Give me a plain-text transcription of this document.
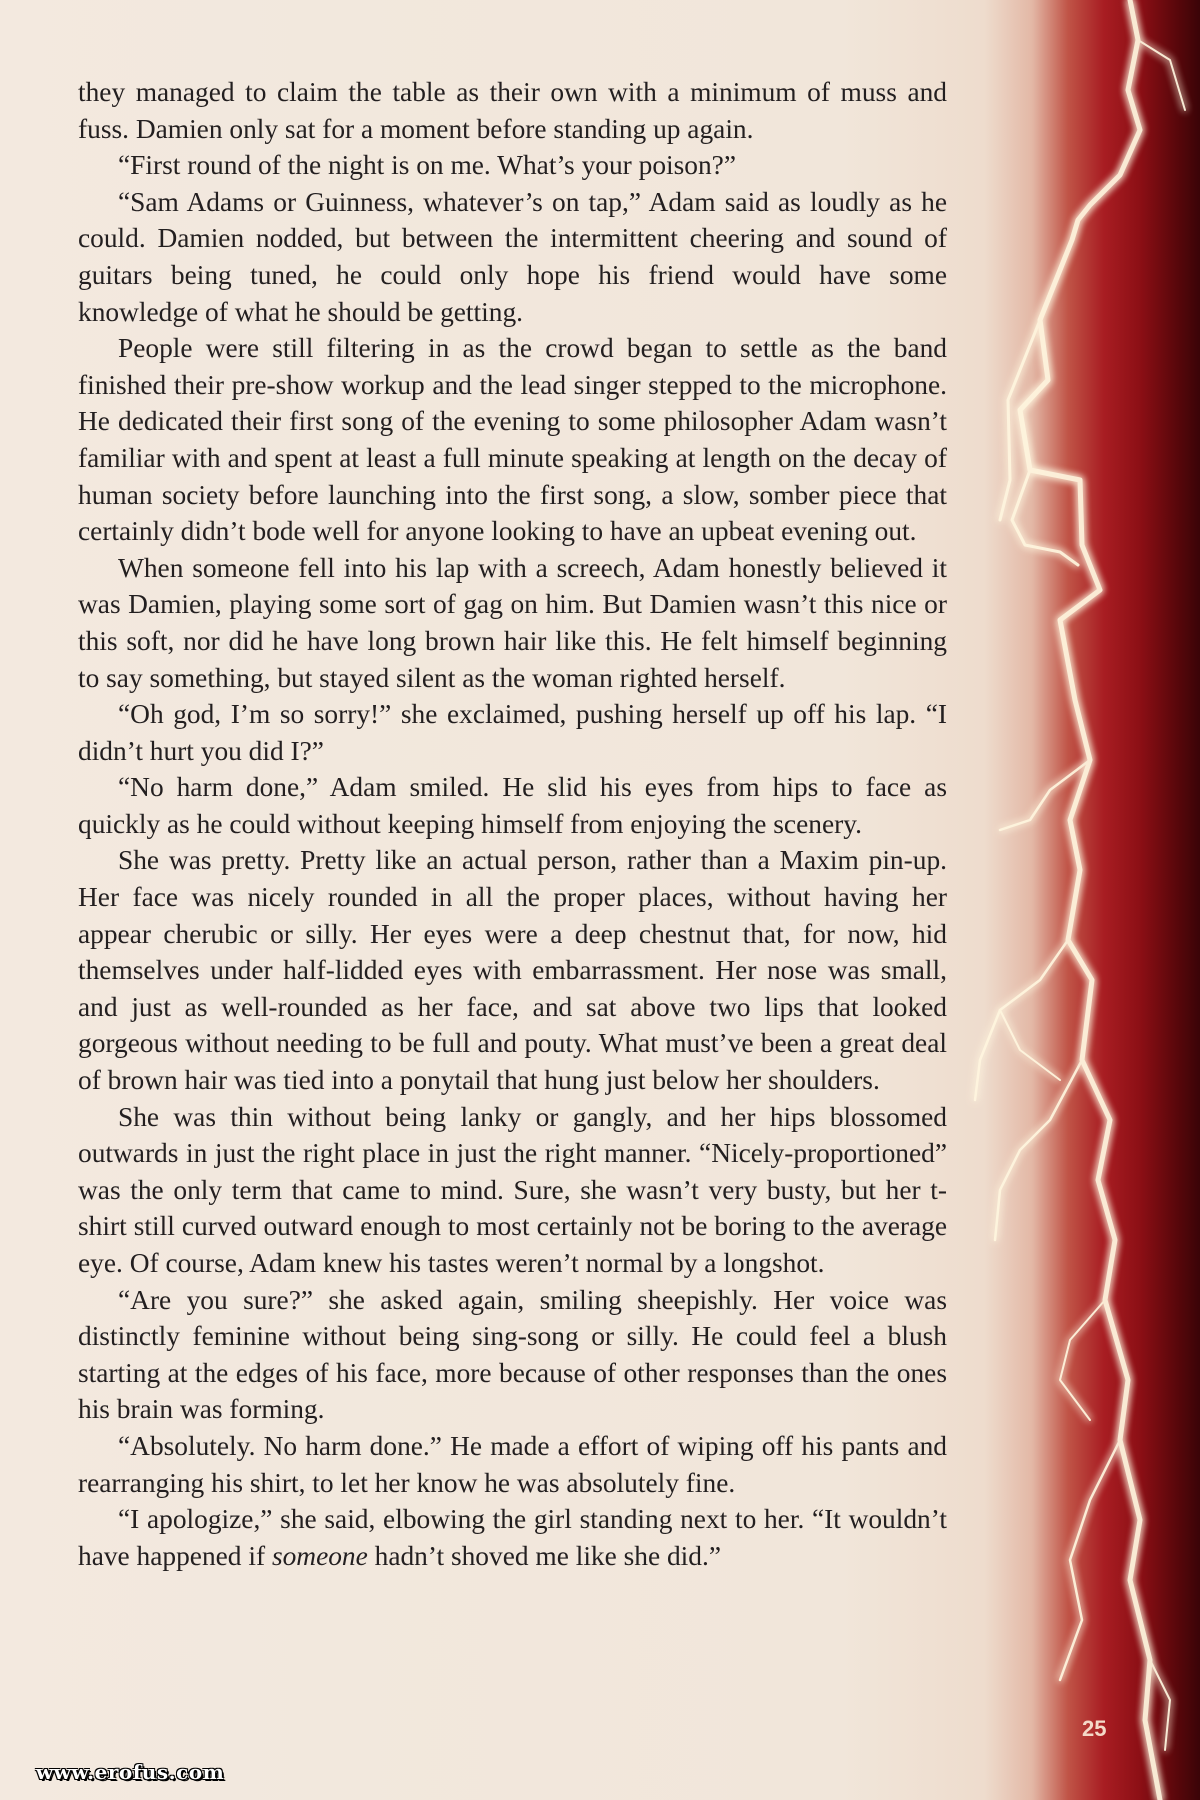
they managed to claim the table as their own with a minimum of muss and fuss. Damien only sat for a moment before standing up again.

“First round of the night is on me. What’s your poison?”

“Sam Adams or Guinness, whatever’s on tap,” Adam said as loudly as he could. Damien nodded, but between the intermittent cheering and sound of guitars being tuned, he could only hope his friend would have some knowledge of what he should be getting.

People were still filtering in as the crowd began to settle as the band finished their pre-show workup and the lead singer stepped to the microphone. He dedicated their first song of the evening to some philosopher Adam wasn’t familiar with and spent at least a full minute speaking at length on the decay of human society before launching into the first song, a slow, somber piece that certainly didn’t bode well for anyone looking to have an upbeat evening out.

When someone fell into his lap with a screech, Adam honestly believed it was Damien, playing some sort of gag on him. But Damien wasn’t this nice or this soft, nor did he have long brown hair like this. He felt himself beginning to say something, but stayed silent as the woman righted herself.

“Oh god, I’m so sorry!” she exclaimed, pushing herself up off his lap. “I didn’t hurt you did I?”

“No harm done,” Adam smiled. He slid his eyes from hips to face as quickly as he could without keeping himself from enjoying the scenery.

She was pretty. Pretty like an actual person, rather than a Maxim pin-up. Her face was nicely rounded in all the proper places, without having her appear cherubic or silly. Her eyes were a deep chestnut that, for now, hid themselves under half-lidded eyes with embarrassment. Her nose was small, and just as well-rounded as her face, and sat above two lips that looked gorgeous without needing to be full and pouty. What must’ve been a great deal of brown hair was tied into a ponytail that hung just below her shoulders.

She was thin without being lanky or gangly, and her hips blossomed outwards in just the right place in just the right manner. “Nicely-proportioned” was the only term that came to mind. Sure, she wasn’t very busty, but her t-shirt still curved outward enough to most certainly not be boring to the average eye. Of course, Adam knew his tastes weren’t normal by a longshot.

“Are you sure?” she asked again, smiling sheepishly. Her voice was distinctly feminine without being sing-song or silly. He could feel a blush starting at the edges of his face, more because of other responses than the ones his brain was forming.

“Absolutely. No harm done.” He made a effort of wiping off his pants and rearranging his shirt, to let her know he was absolutely fine.

“I apologize,” she said, elbowing the girl standing next to her. “It wouldn’t have happened if someone hadn’t shoved me like she did.”

25
www.erofus.com
